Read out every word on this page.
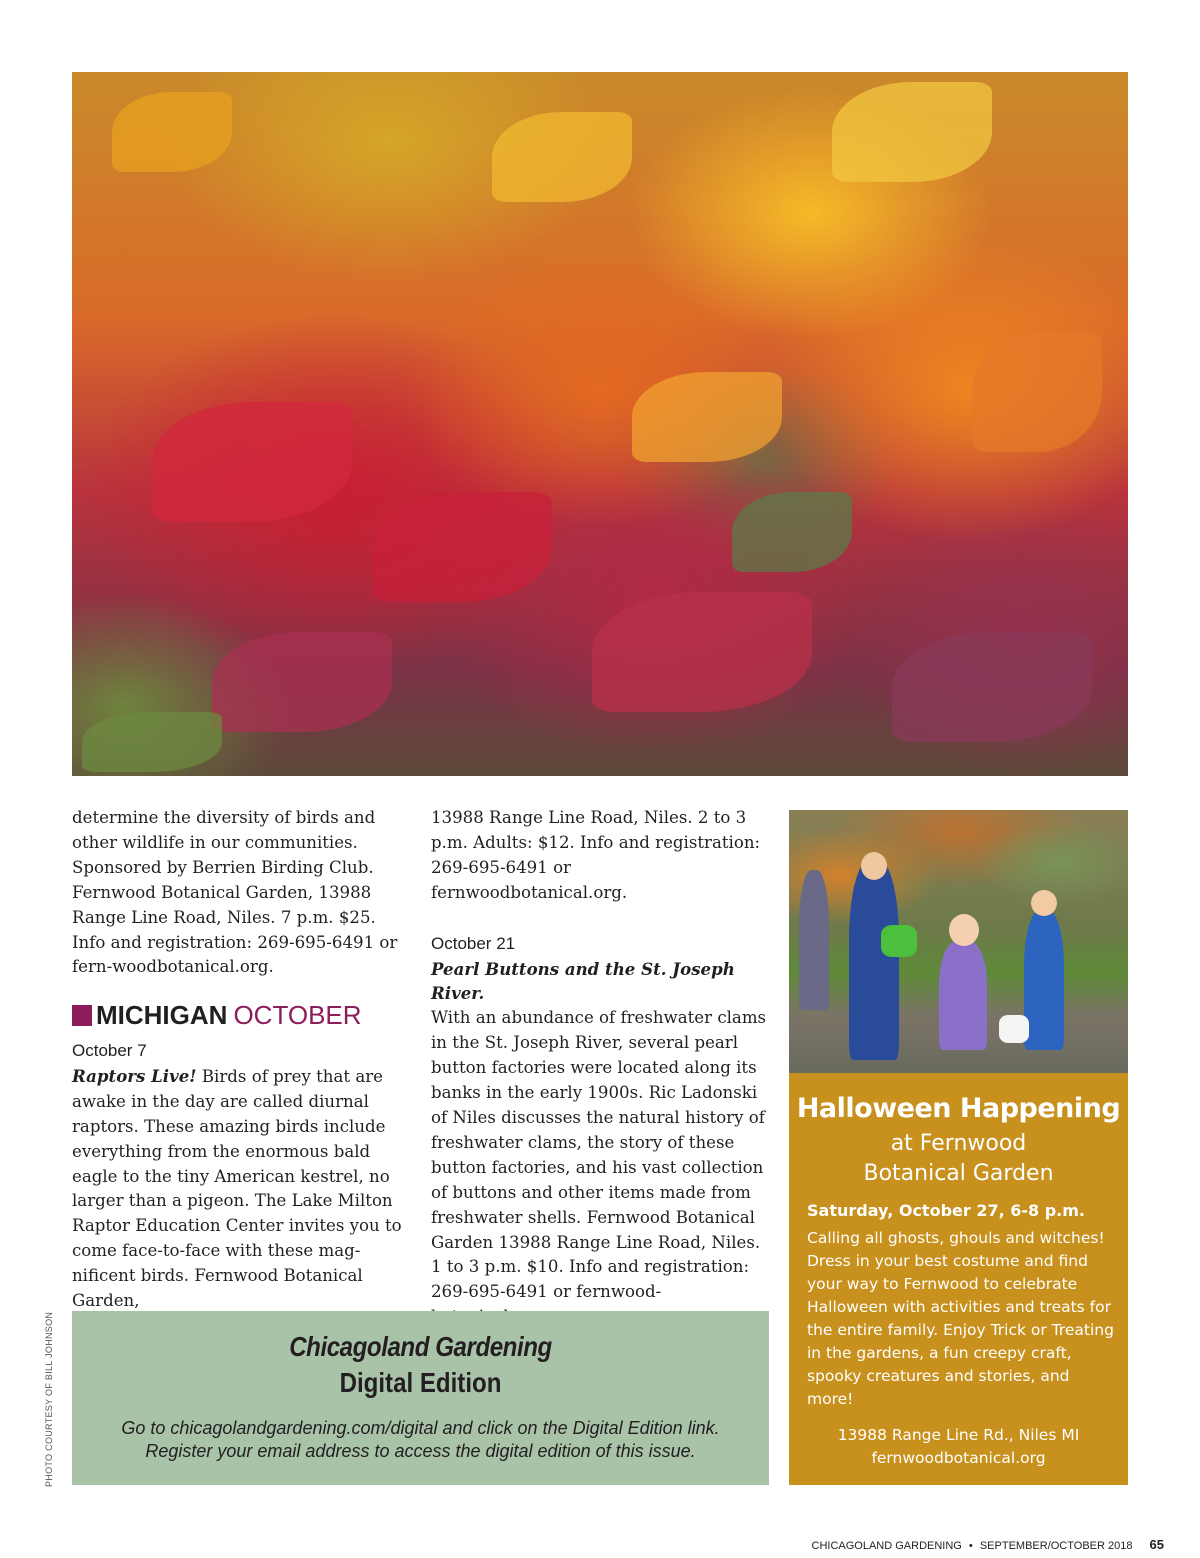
determine the diversity of birds and other wildlife in our communities. Sponsored by Berrien Birding Club. Fernwood Botanical Garden, 13988 Range Line Road, Niles. 7 p.m. $25. Info and registration: 269-695-6491 or fern-woodbotanical.org.

MICHIGAN OCTOBER

October 7

Raptors Live! Birds of prey that are awake in the day are called diurnal raptors. These amazing birds include everything from the enormous bald eagle to the tiny American kestrel, no larger than a pigeon. The Lake Milton Raptor Education Center invites you to come face-to-face with these mag-nificent birds. Fernwood Botanical Garden,

13988 Range Line Road, Niles. 2 to 3 p.m. Adults: $12. Info and registration: 269-695-6491 or fernwoodbotanical.org.

October 21

Pearl Buttons and the St. Joseph River.

With an abundance of freshwater clams in the St. Joseph River, several pearl button factories were located along its banks in the early 1900s. Ric Ladonski of Niles discusses the natural history of freshwater clams, the story of these button factories, and his vast collection of buttons and other items made from freshwater shells. Fernwood Botanical Garden 13988 Range Line Road, Niles. 1 to 3 p.m. $10. Info and registration: 269-695-6491 or fernwood-

Chicagoland Gardening
Digital Edition
Go to chicagolandgardening.com/digital and click on the Digital Edition link.
Register your email address to access the digital edition of this issue.
Halloween Happening
at Fernwood
Botanical Garden
Saturday, October 27, 6-8 p.m.
Calling all ghosts, ghouls and witches! Dress in your best costume and find your way to Fernwood to celebrate Halloween with activities and treats for the entire family. Enjoy Trick or Treating in the gardens, a fun creepy craft, spooky creatures and stories, and more!
13988 Range Line Rd., Niles MI
fernwoodbotanical.org
PHOTO COURTESY OF BILL JOHNSON
CHICAGOLAND GARDENING • SEPTEMBER/OCTOBER 2018 65
